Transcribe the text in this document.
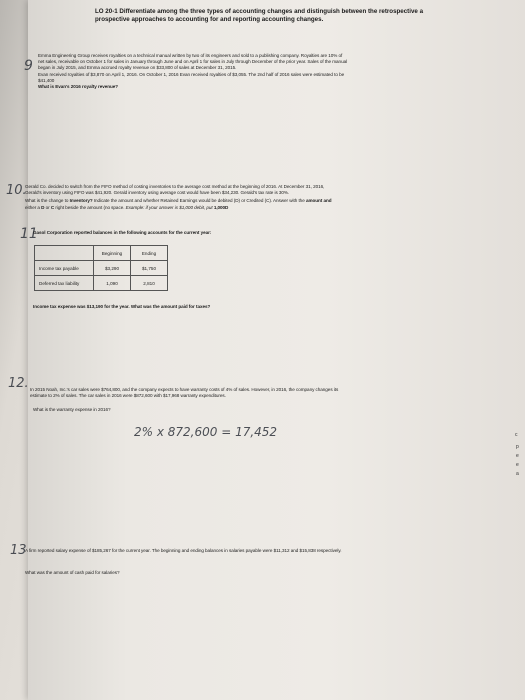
LO 20-1 Differentiate among the three types of accounting changes and distinguish between the retrospective a
prospective approaches to accounting for and reporting accounting changes.
9
Emma Engineering Group receives royalties on a technical manual written by two of its engineers and sold to a publishing company. Royalties are 10% of
net sales, receivable on October 1 for sales in January through June and on April 1 for sales in July through December of the prior year. Sales of the manual
began in July 2015, and Emma accrued royalty revenue on $33,800 of sales at December 31, 2015.
Evan received royalties of $3,870 on April 1, 2016. On October 1, 2016 Evan received royalties of $3,055. The 2nd half of 2016 sales were estimated to be
$41,400
What is Evan's 2016 royalty revenue?
10.
Gerald Co. decided to switch from the FIFO method of costing inventories to the average cost method at the beginning of 2016. At December 31, 2016,
Gerald's inventory using FIFO was $41,920. Gerald inventory using average cost would have been $34,230. Gerald's tax rate is 30%.
What is the change to Inventory? Indicate the amount and whether Retained Earnings would be debited (D) or Credited (C). Answer with the amount and
either a D or C right beside the amount (no space. Example: if your answer is $1,000 debit, put 1,000D
11
Gasol Corporation reported balances in the following accounts for the current year:
	Beginning	Ending
Income tax payable	$3,290	$1,750
Deferred tax liability	1,090	2,810
Income tax expense was $13,190 for the year. What was the amount paid for taxes?
12. In 2015 Noah, Inc.'s car sales were $764,800, and the company expects to have warranty costs of 4% of sales. However, in 2016, the company changes its
estimate to 2% of sales. The car sales in 2016 were $872,600 with $17,968 warranty expenditures.
What is the warranty expense in 2016?
2% x 872,600 = 17,452
13
A firm reported salary expense of $185,267 for the current year. The beginning and ending balances in salaries payable were $11,312 and $15,838 respectively.
What was the amount of cash paid for salaries?
c
p
e
e
a
